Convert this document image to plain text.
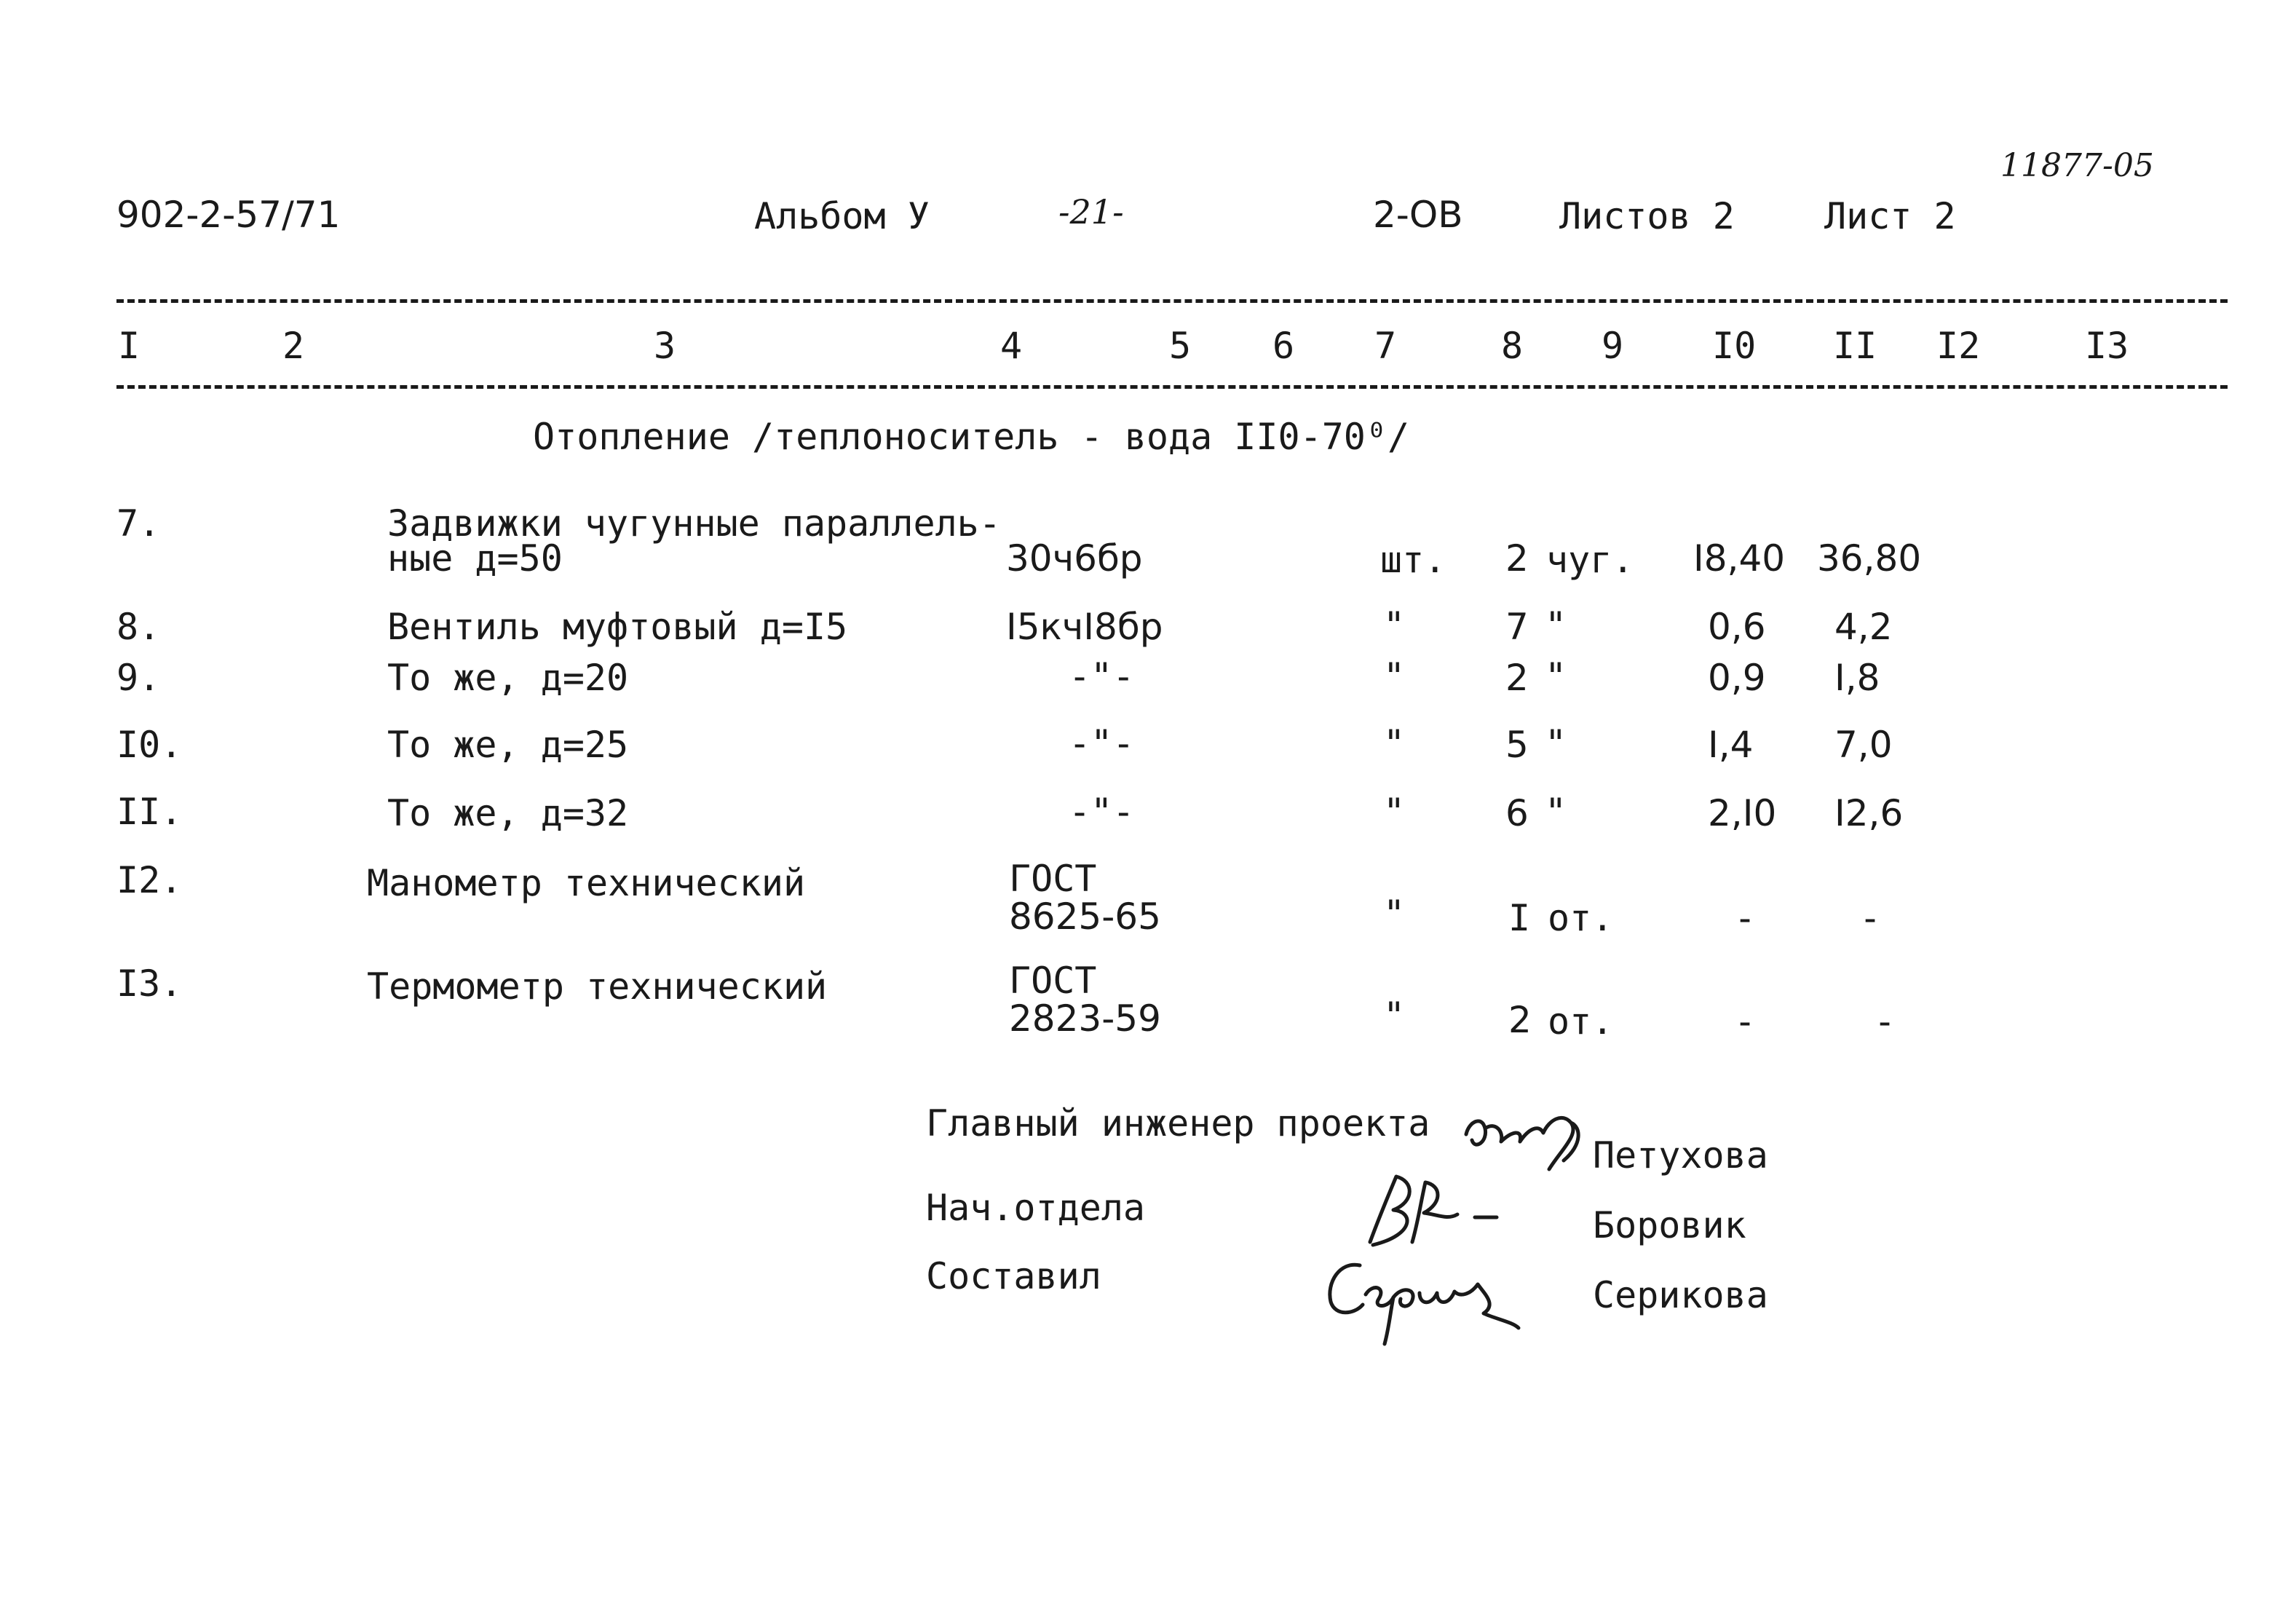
902-2-57/71	Альбом У	-21-	2-ОВ	Листов 2 Лист 2
11877-05
I	2	3	4	5 6 7	8 9 I0 II I2	I3
Отопление /теплоноситель - вода II0-70⁰/
7.	Задвижки чугунные параллель-
ные д=50	30ч6бр	шт. 2 чуг. I8,40 36,80
8.	Вентиль муфтовый д=I5	I5кчI8бр	"	7 "	0,6 4,2
9.	То же, д=20	-"-	"	2 "	0,9 I,8
I0.	То же, д=25	-"-	"	5 "	I,4 7,0
II.	То же, д=32	-"-	"	6 "	2,I0 I2,6
I2.	Манометр технический	ГОСТ
8625-65	"	I от.	-	-
I3.	Термометр технический	ГОСТ
2823-59	"	2 от.	-	-
Главный инженер проекта
Петухова
Нач.отдела	Боровик
Составил	Серикова
